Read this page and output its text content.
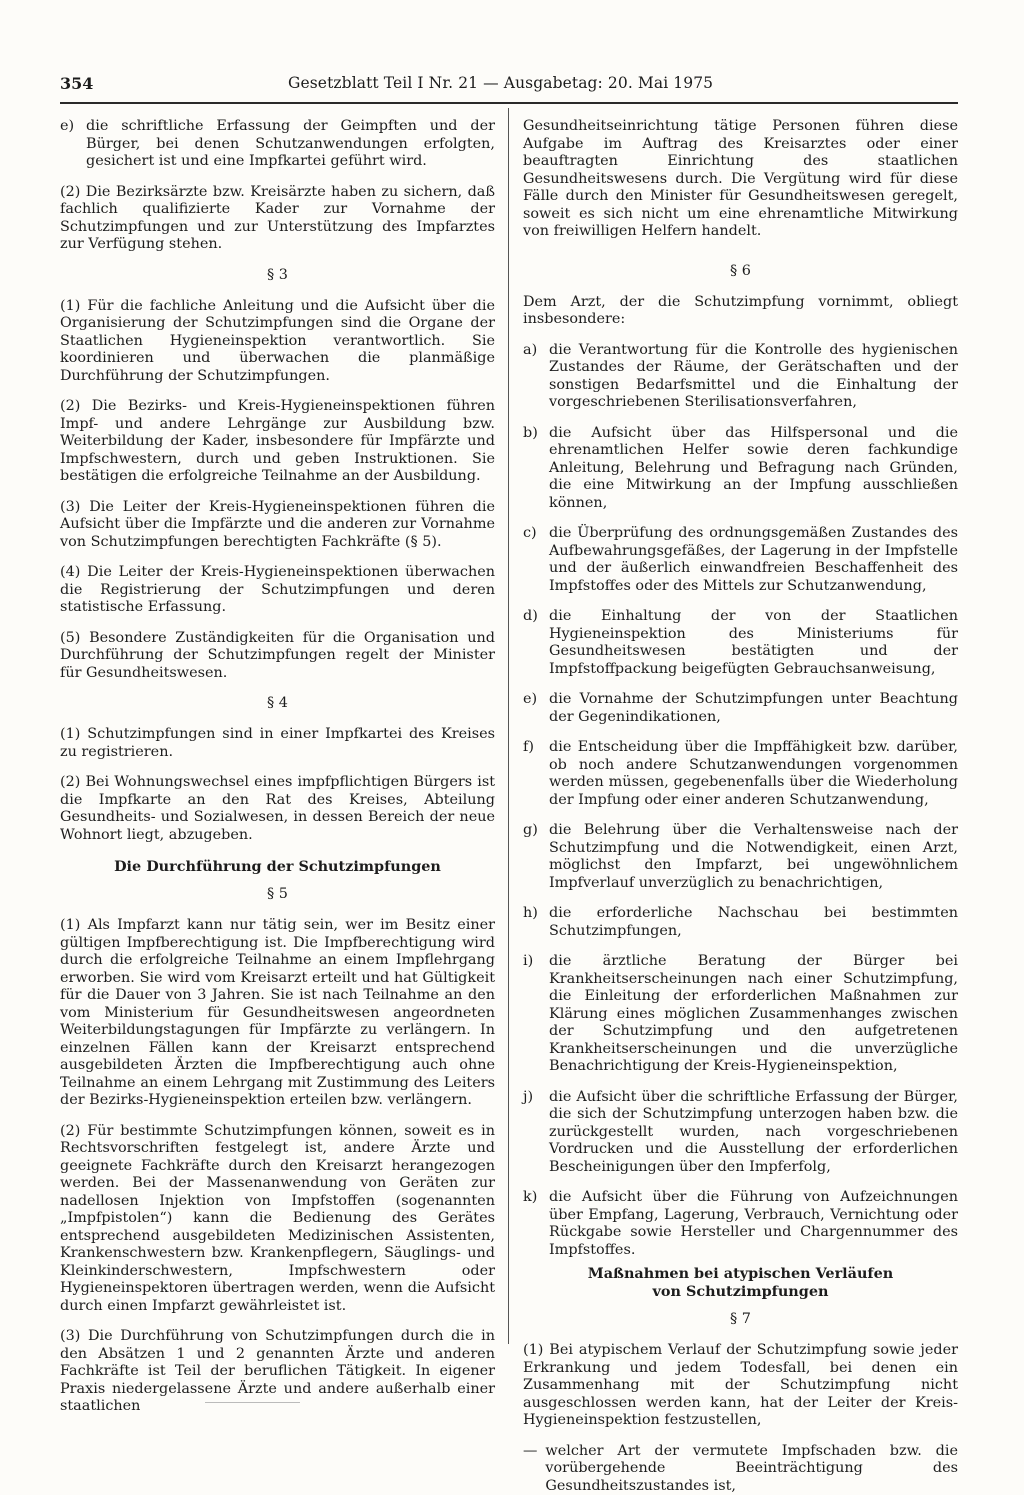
354	Gesetzblatt Teil I Nr. 21 — Ausgabetag: 20. Mai 1975
e) die schriftliche Erfassung der Geimpften und der Bürger, bei denen Schutzanwendungen erfolgten, gesichert ist und eine Impfkartei geführt wird.

(2) Die Bezirksärzte bzw. Kreisärzte haben zu sichern, daß fachlich qualifizierte Kader zur Vornahme der Schutzimpfungen und zur Unterstützung des Impfarztes zur Verfügung stehen.

§ 3

(1) Für die fachliche Anleitung und die Aufsicht über die Organisierung der Schutzimpfungen sind die Organe der Staatlichen Hygieneinspektion verantwortlich. Sie koordinieren und überwachen die planmäßige Durchführung der Schutzimpfungen.

(2) Die Bezirks- und Kreis-Hygieneinspektionen führen Impf- und andere Lehrgänge zur Ausbildung bzw. Weiterbildung der Kader, insbesondere für Impfärzte und Impfschwestern, durch und geben Instruktionen. Sie bestätigen die erfolgreiche Teilnahme an der Ausbildung.

(3) Die Leiter der Kreis-Hygieneinspektionen führen die Aufsicht über die Impfärzte und die anderen zur Vornahme von Schutzimpfungen berechtigten Fachkräfte (§ 5).

(4) Die Leiter der Kreis-Hygieneinspektionen überwachen die Registrierung der Schutzimpfungen und deren statistische Erfassung.

(5) Besondere Zuständigkeiten für die Organisation und Durchführung der Schutzimpfungen regelt der Minister für Gesundheitswesen.

§ 4

(1) Schutzimpfungen sind in einer Impfkartei des Kreises zu registrieren.

(2) Bei Wohnungswechsel eines impfpflichtigen Bürgers ist die Impfkarte an den Rat des Kreises, Abteilung Gesundheits- und Sozialwesen, in dessen Bereich der neue Wohnort liegt, abzugeben.

Die Durchführung der Schutzimpfungen
§ 5

(1) Als Impfarzt kann nur tätig sein, wer im Besitz einer gültigen Impfberechtigung ist. Die Impfberechtigung wird durch die erfolgreiche Teilnahme an einem Impflehrgang erworben. Sie wird vom Kreisarzt erteilt und hat Gültigkeit für die Dauer von 3 Jahren. Sie ist nach Teilnahme an den vom Ministerium für Gesundheitswesen angeordneten Weiterbildungstagungen für Impfärzte zu verlängern. In einzelnen Fällen kann der Kreisarzt entsprechend ausgebildeten Ärzten die Impfberechtigung auch ohne Teilnahme an einem Lehrgang mit Zustimmung des Leiters der Bezirks-Hygieneinspektion erteilen bzw. verlängern.

(2) Für bestimmte Schutzimpfungen können, soweit es in Rechtsvorschriften festgelegt ist, andere Ärzte und geeignete Fachkräfte durch den Kreisarzt herangezogen werden. Bei der Massenanwendung von Geräten zur nadellosen Injektion von Impfstoffen (sogenannten „Impfpistolen“) kann die Bedienung des Gerätes entsprechend ausgebildeten Medizinischen Assistenten, Krankenschwestern bzw. Krankenpflegern, Säuglings- und Kleinkinderschwestern, Impfschwestern oder Hygieneinspektoren übertragen werden, wenn die Aufsicht durch einen Impfarzt gewährleistet ist.

(3) Die Durchführung von Schutzimpfungen durch die in den Absätzen 1 und 2 genannten Ärzte und anderen Fachkräfte ist Teil der beruflichen Tätigkeit. In eigener Praxis niedergelassene Ärzte und andere außerhalb einer staatlichen

Gesundheitseinrichtung tätige Personen führen diese Aufgabe im Auftrag des Kreisarztes oder einer beauftragten Einrichtung des staatlichen Gesundheitswesens durch. Die Vergütung wird für diese Fälle durch den Minister für Gesundheitswesen geregelt, soweit es sich nicht um eine ehrenamtliche Mitwirkung von freiwilligen Helfern handelt.

§ 6

Dem Arzt, der die Schutzimpfung vornimmt, obliegt insbesondere:

a) die Verantwortung für die Kontrolle des hygienischen Zustandes der Räume, der Gerätschaften und der sonstigen Bedarfsmittel und die Einhaltung der vorgeschriebenen Sterilisationsverfahren,
b) die Aufsicht über das Hilfspersonal und die ehrenamtlichen Helfer sowie deren fachkundige Anleitung, Belehrung und Befragung nach Gründen, die eine Mitwirkung an der Impfung ausschließen können,
c) die Überprüfung des ordnungsgemäßen Zustandes des Aufbewahrungsgefäßes, der Lagerung in der Impfstelle und der äußerlich einwandfreien Beschaffenheit des Impfstoffes oder des Mittels zur Schutzanwendung,
d) die Einhaltung der von der Staatlichen Hygieneinspektion des Ministeriums für Gesundheitswesen bestätigten und der Impfstoffpackung beigefügten Gebrauchsanweisung,
e) die Vornahme der Schutzimpfungen unter Beachtung der Gegenindikationen,
f)	die Entscheidung über die Impffähigkeit bzw. darüber, ob noch andere Schutzanwendungen vorgenommen werden müssen, gegebenenfalls über die Wiederholung der Impfung oder einer anderen Schutzanwendung,
g) die Belehrung über die Verhaltensweise nach der Schutzimpfung und die Notwendigkeit, einen Arzt, möglichst den Impfarzt, bei ungewöhnlichem Impfverlauf unverzüglich zu benachrichtigen,
h) die erforderliche Nachschau bei bestimmten Schutzimpfungen,
i)	die ärztliche Beratung der Bürger bei Krankheitserscheinungen nach einer Schutzimpfung, die Einleitung der erforderlichen Maßnahmen zur Klärung eines möglichen Zusammenhanges zwischen der Schutzimpfung und den aufgetretenen Krankheitserscheinungen und die unverzügliche Benachrichtigung der Kreis-Hygieneinspektion,
j)	die Aufsicht über die schriftliche Erfassung der Bürger, die sich der Schutzimpfung unterzogen haben bzw. die zurückgestellt wurden, nach vorgeschriebenen Vordrucken und die Ausstellung der erforderlichen Bescheinigungen über den Impferfolg,
k) die Aufsicht über die Führung von Aufzeichnungen über Empfang, Lagerung, Verbrauch, Vernichtung oder Rückgabe sowie Hersteller und Chargennummer des Impfstoffes.
Maßnahmen bei atypischen Verläufen
von Schutzimpfungen
§ 7

(1) Bei atypischem Verlauf der Schutzimpfung sowie jeder Erkrankung und jedem Todesfall, bei denen ein Zusammenhang mit der Schutzimpfung nicht ausgeschlossen werden kann, hat der Leiter der Kreis-Hygieneinspektion festzustellen,

— welcher Art der vermutete Impfschaden bzw. die vorübergehende Beeinträchtigung des Gesundheitszustandes ist,
